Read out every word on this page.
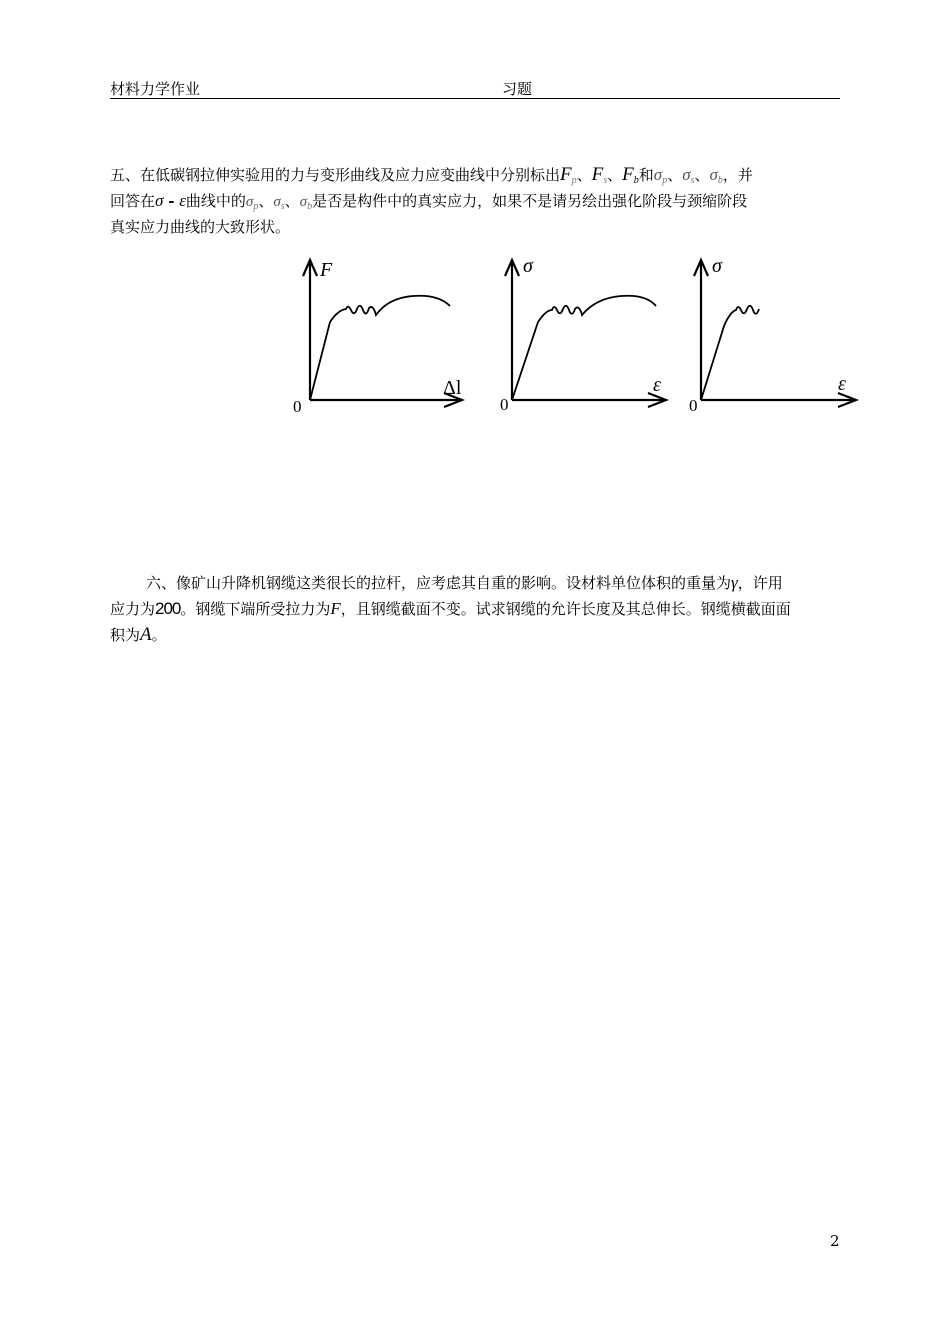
材料力学作业	习题
五、在低碳钢拉伸实验用的力与变形曲线及应力应变曲线中分别标出$F_p$、$F_s$、$F_b$和$\sigma_p$、$\sigma_s$、$\sigma_b$，并
回答在σ - ε曲线中的$\sigma_p$、$\sigma_s$、$\sigma_b$是否是构件中的真实应力，如果不是请另绘出强化阶段与颈缩阶段
真实应力曲线的大致形状。
F
Δl
0
σ
ε
0
σ
ε
0
六、像矿山升降机钢缆这类很长的拉杆，应考虑其自重的影响。设材料单位体积的重量为γ，许用
应力为200。钢缆下端所受拉力为F，且钢缆截面不变。试求钢缆的允许长度及其总伸长。钢缆横截面面
积为A。
2
